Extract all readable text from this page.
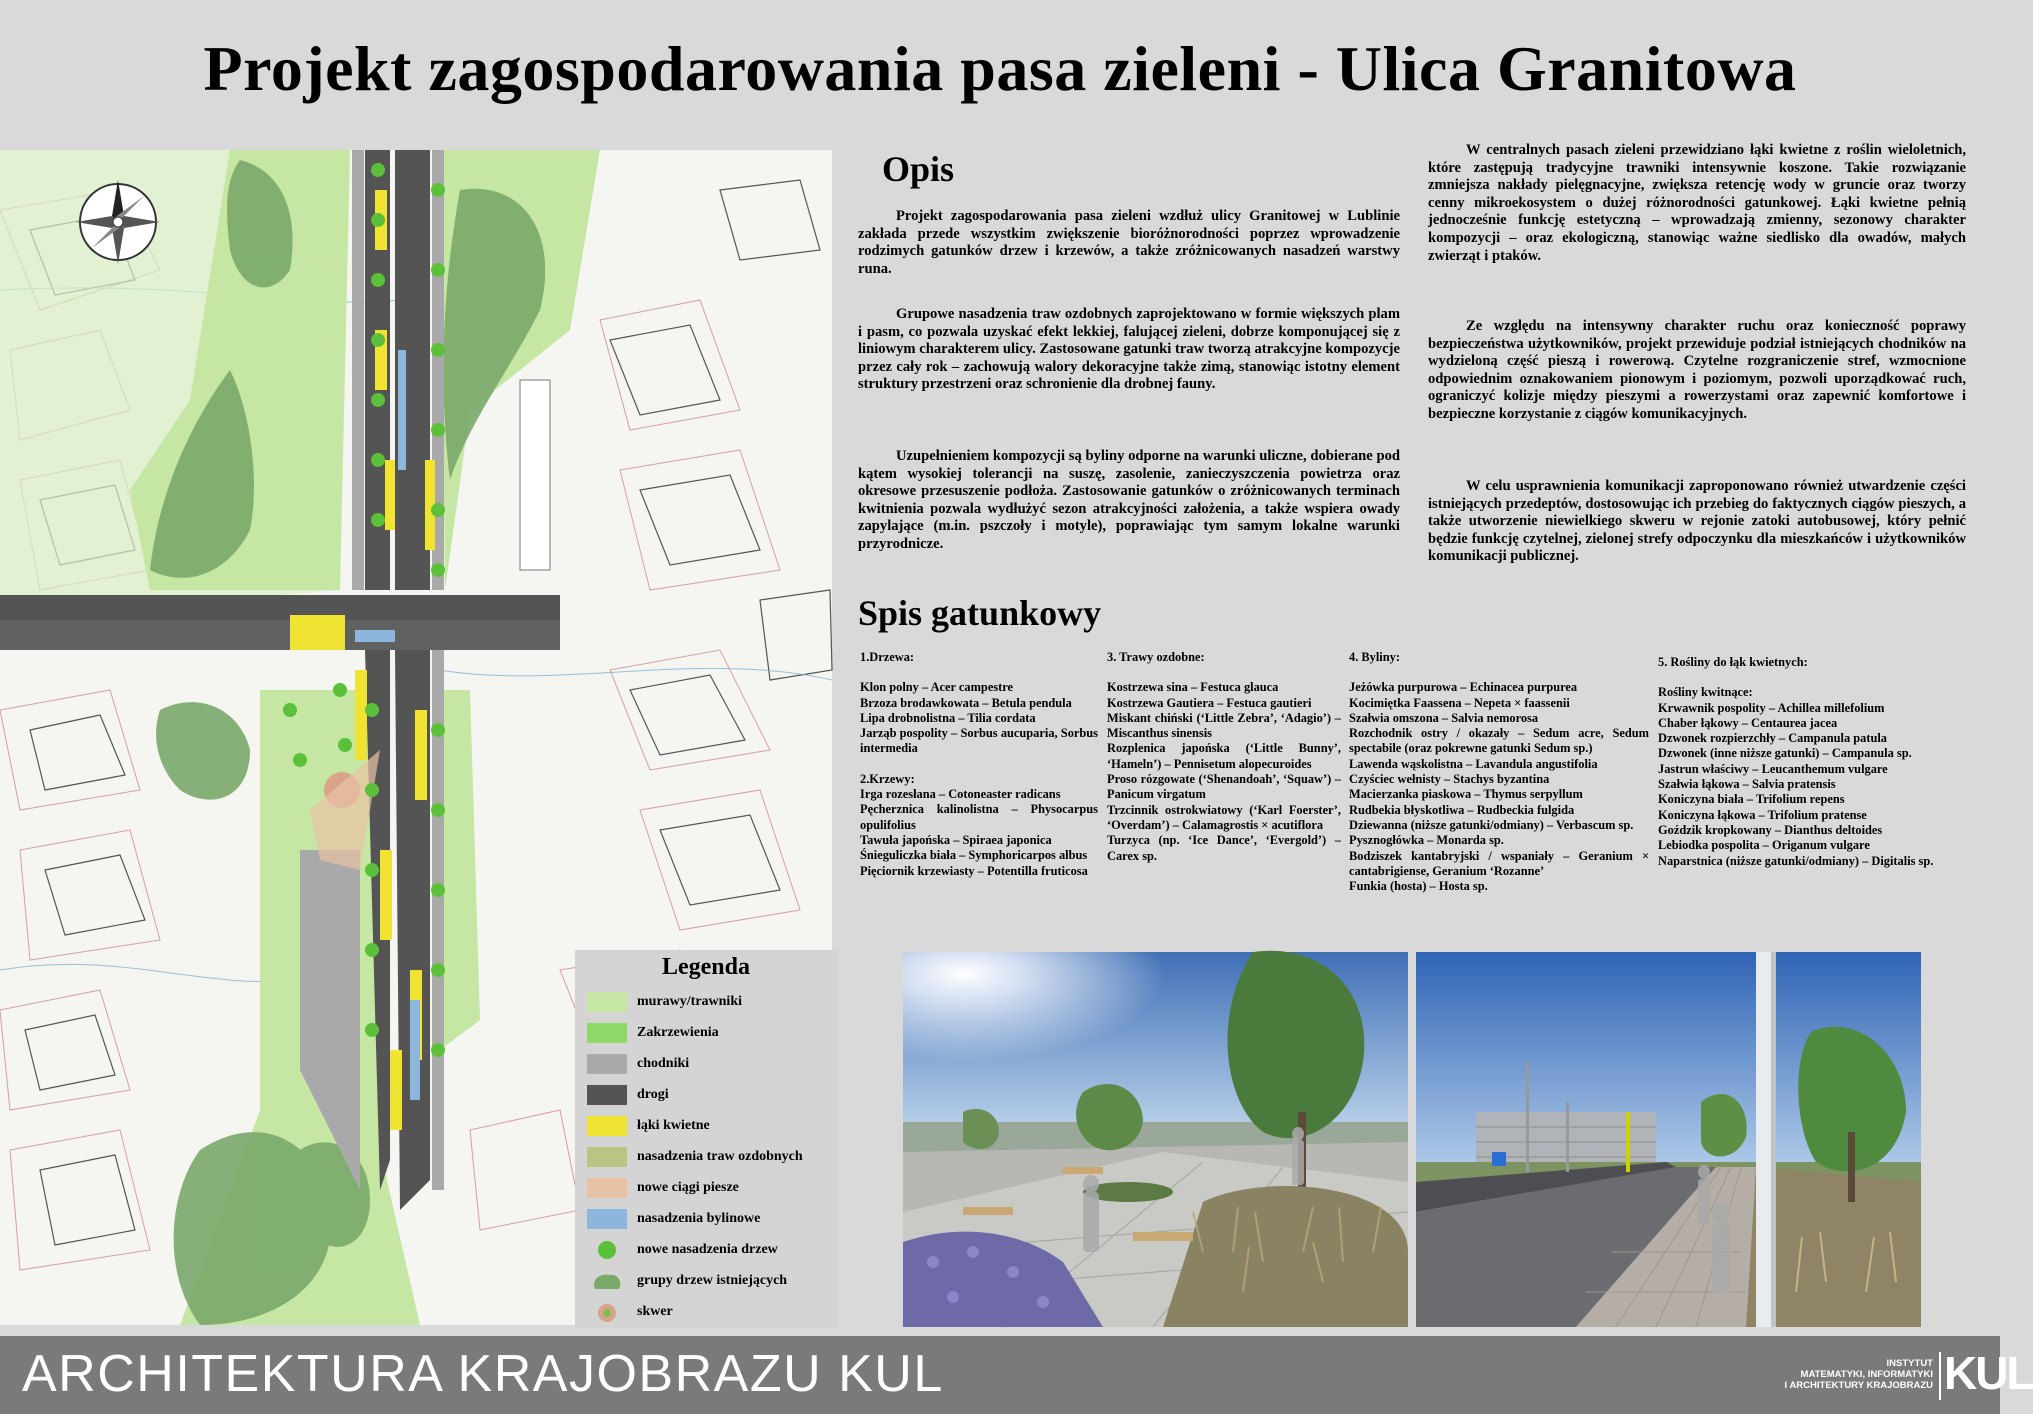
Projekt zagospodarowania pasa zieleni - Ulica Granitowa
Legenda
murawy/trawniki
Zakrzewienia
chodniki
drogi
łąki kwietne
nasadzenia traw ozdobnych
nowe ciągi piesze
nasadzenia bylinowe
nowe nasadzenia drzew
grupy drzew istniejących
skwer
Opis

Projekt zagospodarowania pasa zieleni wzdłuż ulicy Granitowej w Lublinie zakłada przede wszystkim zwiększenie bioróżnorodności poprzez wprowadzenie rodzimych gatunków drzew i krzewów, a także zróżnicowanych nasadzeń warstwy runa.

Grupowe nasadzenia traw ozdobnych zaprojektowano w formie większych plam i pasm, co pozwala uzyskać efekt lekkiej, falującej zieleni, dobrze komponującej się z liniowym charakterem ulicy. Zastosowane gatunki traw tworzą atrakcyjne kompozycje przez cały rok – zachowują walory dekoracyjne także zimą, stanowiąc istotny element struktury przestrzeni oraz schronienie dla drobnej fauny.

Uzupełnieniem kompozycji są byliny odporne na warunki uliczne, dobierane pod kątem wysokiej tolerancji na suszę, zasolenie, zanieczyszczenia powietrza oraz okresowe przesuszenie podłoża. Zastosowanie gatunków o zróżnicowanych terminach kwitnienia pozwala wydłużyć sezon atrakcyjności założenia, a także wspiera owady zapylające (m.in. pszczoły i motyle), poprawiając tym samym lokalne warunki przyrodnicze.

W centralnych pasach zieleni przewidziano łąki kwietne z roślin wieloletnich, które zastępują tradycyjne trawniki intensywnie koszone. Takie rozwiązanie zmniejsza nakłady pielęgnacyjne, zwiększa retencję wody w gruncie oraz tworzy cenny mikroekosystem o dużej różnorodności gatunkowej. Łąki kwietne pełnią jednocześnie funkcję estetyczną – wprowadzają zmienny, sezonowy charakter kompozycji – oraz ekologiczną, stanowiąc ważne siedlisko dla owadów, małych zwierząt i ptaków.

Ze względu na intensywny charakter ruchu oraz konieczność poprawy bezpieczeństwa użytkowników, projekt przewiduje podział istniejących chodników na wydzieloną część pieszą i rowerową. Czytelne rozgraniczenie stref, wzmocnione odpowiednim oznakowaniem pionowym i poziomym, pozwoli uporządkować ruch, ograniczyć kolizje między pieszymi a rowerzystami oraz zapewnić komfortowe i bezpieczne korzystanie z ciągów komunikacyjnych.

W celu usprawnienia komunikacji zaproponowano również utwardzenie części istniejących przedeptów, dostosowując ich przebieg do faktycznych ciągów pieszych, a także utworzenie niewielkiego skweru w rejonie zatoki autobusowej, który pełnić będzie funkcję czytelnej, zielonej strefy odpoczynku dla mieszkańców i użytkowników komunikacji publicznej.

Spis gatunkowy
1.Drzewa:
Klon polny – Acer campestre
Brzoza brodawkowata – Betula pendula
Lipa drobnolistna – Tilia cordata
Jarząb pospolity – Sorbus aucuparia, Sorbus intermedia
2.Krzewy:
Irga rozesłana – Cotoneaster radicans
Pęcherznica kalinolistna – Physocarpus opulifolius
Tawuła japońska – Spiraea japonica
Śnieguliczka biała – Symphoricarpos albus
Pięciornik krzewiasty – Potentilla fruticosa
3. Trawy ozdobne:
Kostrzewa sina – Festuca glauca
Kostrzewa Gautiera – Festuca gautieri
Miskant chiński (‘Little Zebra’, ‘Adagio’) – Miscanthus sinensis
Rozplenica japońska (‘Little Bunny’, ‘Hameln’) – Pennisetum alopecuroides
Proso rózgowate (‘Shenandoah’, ‘Squaw’) – Panicum virgatum
Trzcinnik ostrokwiatowy (‘Karl Foerster’, ‘Overdam’) – Calamagrostis × acutiflora
Turzyca (np. ‘Ice Dance’, ‘Evergold’) – Carex sp.
4. Byliny:
Jeżówka purpurowa – Echinacea purpurea
Kocimiętka Faassena – Nepeta × faassenii
Szałwia omszona – Salvia nemorosa
Rozchodnik ostry / okazały – Sedum acre, Sedum spectabile (oraz pokrewne gatunki Sedum sp.)
Lawenda wąskolistna – Lavandula angustifolia
Czyściec wełnisty – Stachys byzantina
Macierzanka piaskowa – Thymus serpyllum
Rudbekia błyskotliwa – Rudbeckia fulgida
Dziewanna (niższe gatunki/odmiany) – Verbascum sp.
Pysznogłówka – Monarda sp.
Bodziszek kantabryjski / wspaniały – Geranium × cantabrigiense, Geranium ‘Rozanne’
Funkia (hosta) – Hosta sp.
5. Rośliny do łąk kwietnych:
Rośliny kwitnące:
Krwawnik pospolity – Achillea millefolium
Chaber łąkowy – Centaurea jacea
Dzwonek rozpierzchły – Campanula patula
Dzwonek (inne niższe gatunki) – Campanula sp.
Jastrun właściwy – Leucanthemum vulgare
Szałwia łąkowa – Salvia pratensis
Koniczyna biała – Trifolium repens
Koniczyna łąkowa – Trifolium pratense
Goździk kropkowany – Dianthus deltoides
Lebiodka pospolita – Origanum vulgare
Naparstnica (niższe gatunki/odmiany) – Digitalis sp.
ARCHITEKTURA KRAJOBRAZU KUL	INSTYTUT
MATEMATYKI, INFORMATYKI
I ARCHITEKTURY KRAJOBRAZU KUL
